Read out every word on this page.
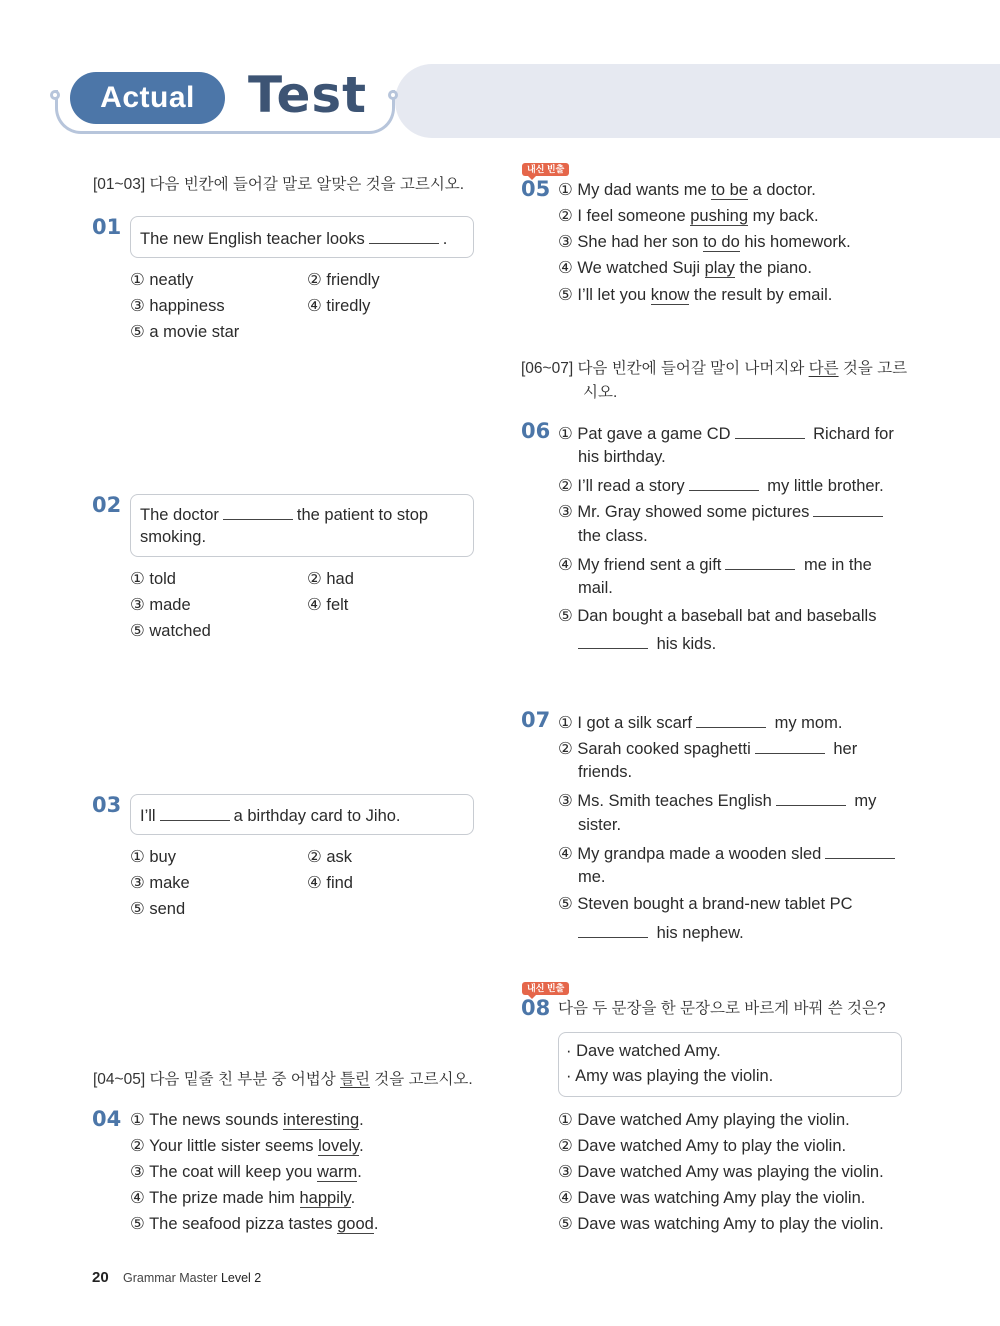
Actual	Test
[01~03] 다음 빈칸에 들어갈 말로 알맞은 것을 고르시오.
01 The new English teacher looks	.
① neatly	② friendly
③ happiness	④ tiredly
⑤ a movie star
02 The doctor	the patient to stop
smoking.
① told	② had
③ made	④ felt
⑤ watched
03 I’ll	a birthday card to Jiho.
① buy	② ask
③ make	④ find
⑤ send
[04~05] 다음 밑줄 친 부분 중 어법상 틀린 것을 고르시오.
04 ① The news sounds interesting.
② Your little sister seems lovely.
③ The coat will keep you warm.
④ The prize made him happily.
⑤ The seafood pizza tastes good.
내신 빈출
05 ① My dad wants me to be a doctor.
② I feel someone pushing my back.
③ She had her son to do his homework.
④ We watched Suji play the piano.
⑤ I’ll let you know the result by email.
[06~07] 다음 빈칸에 들어갈 말이 나머지와 다른 것을 고르
시오.
06 ① Pat gave a game CD	Richard for
his birthday.
② I’ll read a story	my little brother.
③ Mr. Gray showed some pictures
the class.
④ My friend sent a gift	me in the
mail.
⑤ Dan bought a baseball bat and baseballs
his kids.
07 ① I got a silk scarf	my mom.
② Sarah cooked spaghetti	her
friends.
③ Ms. Smith teaches English	my
sister.
④ My grandpa made a wooden sled
me.
⑤ Steven bought a brand-new tablet PC
his nephew.
내신 빈출
08 다음 두 문장을 한 문장으로 바르게 바꿔 쓴 것은?
· Dave watched Amy.
· Amy was playing the violin.
① Dave watched Amy playing the violin.
② Dave watched Amy to play the violin.
③ Dave watched Amy was playing the violin.
④ Dave was watching Amy play the violin.
⑤ Dave was watching Amy to play the violin.
20 Grammar Master Level 2
